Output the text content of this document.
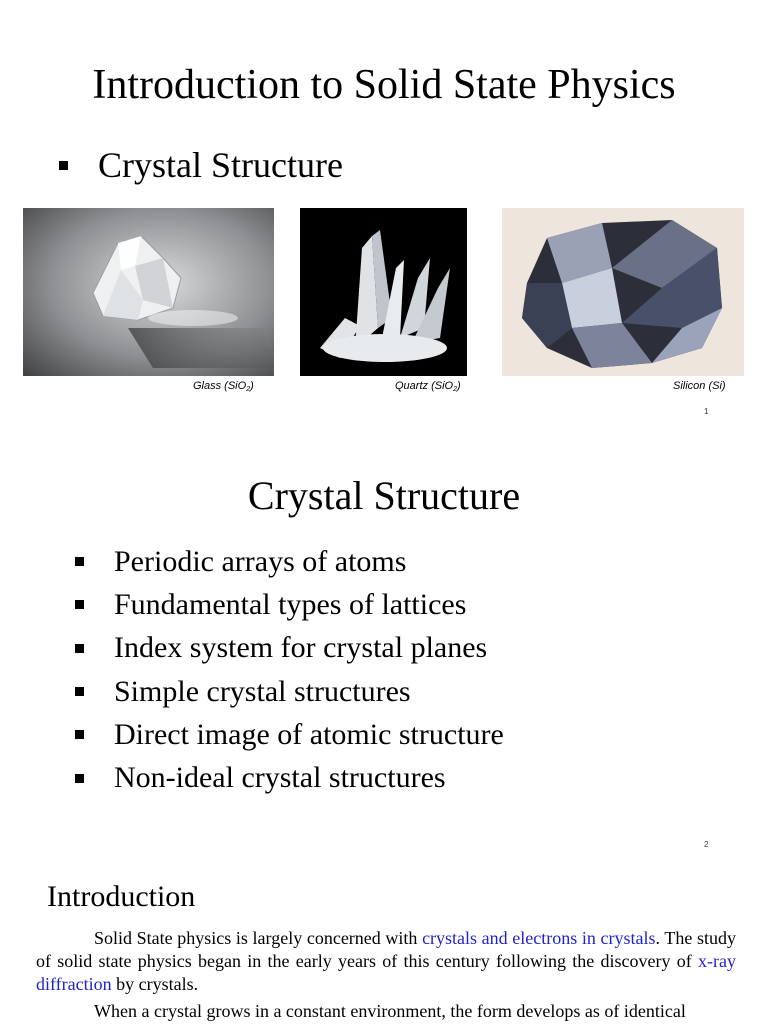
Introduction to Solid State Physics
Crystal Structure
Glass (SiO$_2$)	Quartz (SiO$_2$)	Silicon (Si)
1
Crystal Structure
Periodic arrays of atoms
Fundamental types of lattices
Index system for crystal planes
Simple crystal structures
Direct image of atomic structure
Non-ideal crystal structures
2
Introduction
Solid State physics is largely concerned with crystals and electrons in crystals. The study of solid state physics began in the early years of this century following the discovery of x-ray diffraction by crystals.
When a crystal grows in a constant environment, the form develops as of identical
